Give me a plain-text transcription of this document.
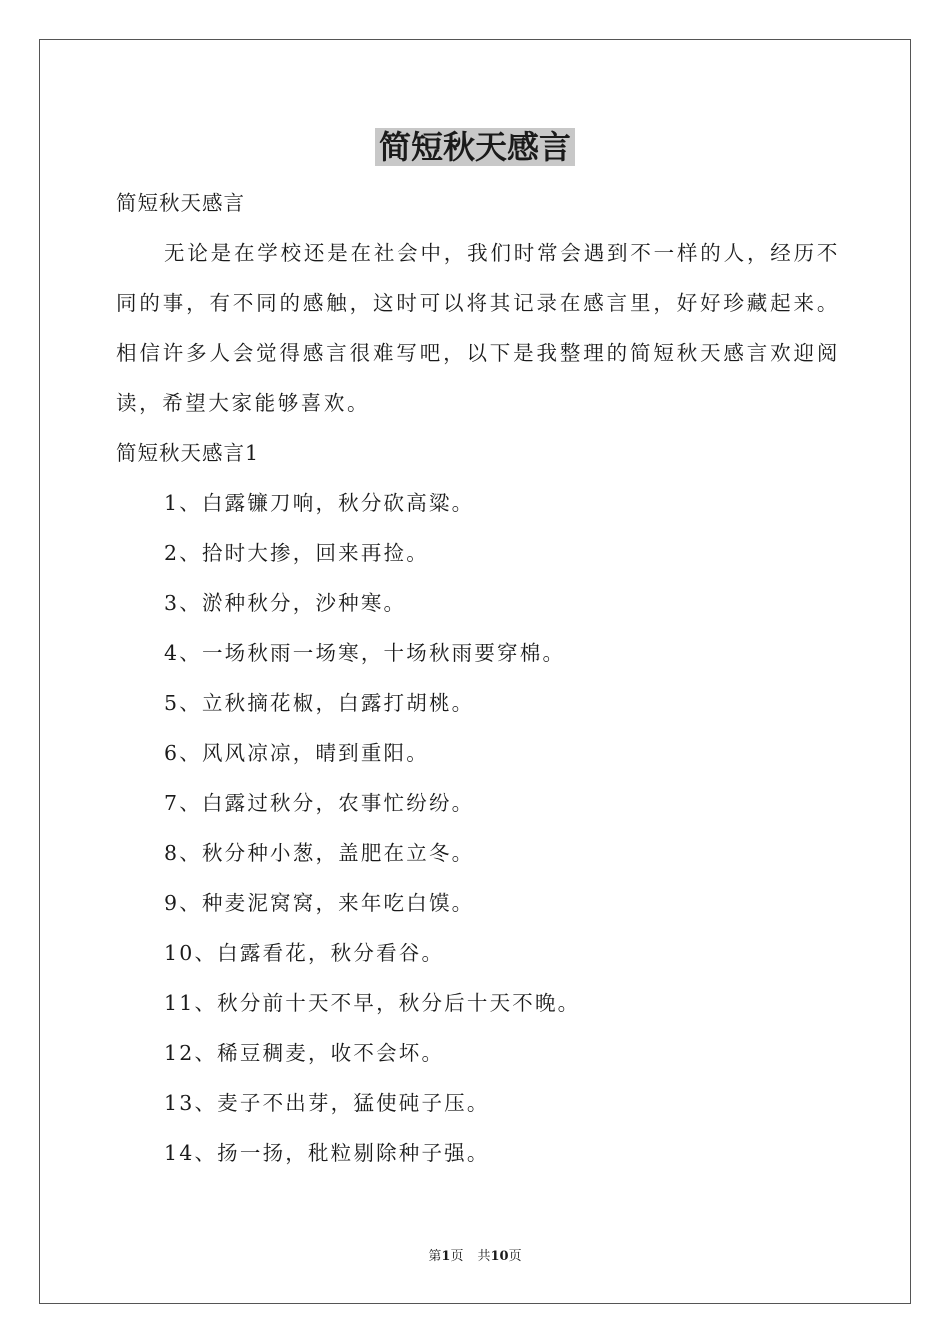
简短秋天感言
简短秋天感言

无论是在学校还是在社会中，我们时常会遇到不一样的人，经历不同的事，有不同的感触，这时可以将其记录在感言里，好好珍藏起来。相信许多人会觉得感言很难写吧，以下是我整理的简短秋天感言欢迎阅读，希望大家能够喜欢。

简短秋天感言1
1、白露镰刀响，秋分砍高粱。
2、拾时大掺，回来再捡。
3、淤种秋分，沙种寒。
4、一场秋雨一场寒，十场秋雨要穿棉。
5、立秋摘花椒，白露打胡桃。
6、风风凉凉，晴到重阳。
7、白露过秋分，农事忙纷纷。
8、秋分种小葱，盖肥在立冬。
9、种麦泥窝窝，来年吃白馍。
10、白露看花，秋分看谷。
11、秋分前十天不早，秋分后十天不晚。
12、稀豆稠麦，收不会坏。
13、麦子不出芽，猛使砘子压。
14、扬一扬，秕粒剔除种子强。
第1页 共10页
